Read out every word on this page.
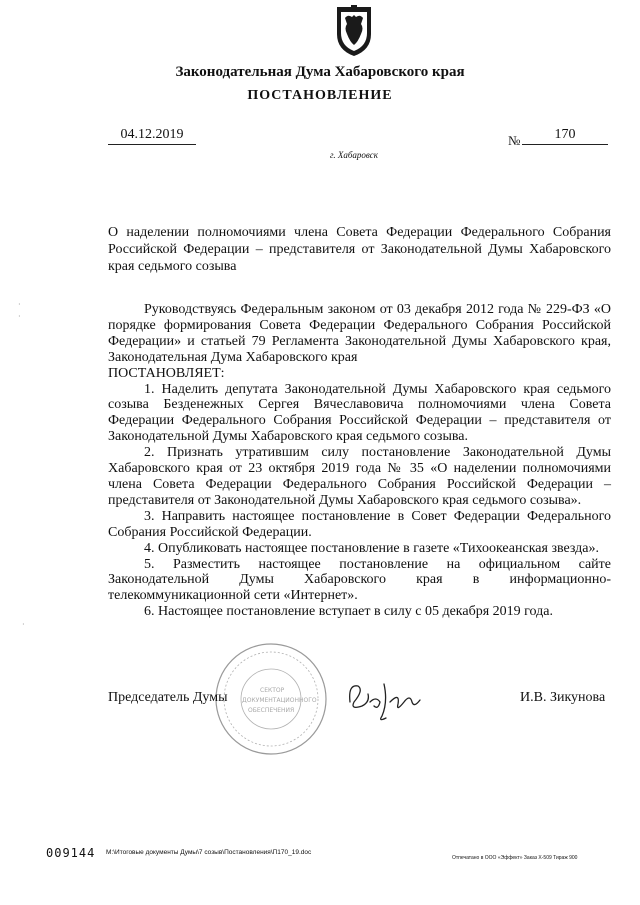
Законодательная Дума Хабаровского края
ПОСТАНОВЛЕНИЕ
04.12.2019	№	170
г. Хабаровск
О наделении полномочиями члена Совета Федерации Федерального Собрания Российской Федерации – представителя от Законодательной Думы Хабаровского края седьмого созыва

Руководствуясь Федеральным законом от 03 декабря 2012 года № 229-ФЗ «О порядке формирования Совета Федерации Федерального Собрания Российской Федерации» и статьей 79 Регламента Законодательной Думы Хабаровского края, Законодательная Дума Хабаровского края

ПОСТАНОВЛЯЕТ:

1. Наделить депутата Законодательной Думы Хабаровского края седьмого созыва Безденежных Сергея Вячеславовича полномочиями члена Совета Федерации Федерального Собрания Российской Федерации – представителя от Законодательной Думы Хабаровского края седьмого созыва.

2. Признать утратившим силу постановление Законодательной Думы Хабаровского края от 23 октября 2019 года № 35 «О наделении полномочиями члена Совета Федерации Федерального Собрания Российской Федерации – представителя от Законодательной Думы Хабаровского края седьмого созыва».

3. Направить настоящее постановление в Совет Федерации Федерального Собрания Российской Федерации.

4. Опубликовать настоящее постановление в газете «Тихоокеанская звезда».

5. Разместить настоящее постановление на официальном сайте Законодательной Думы Хабаровского края в информационно-телекоммуникационной сети «Интернет».

6. Настоящее постановление вступает в силу с 05 декабря 2019 года.

СЕКТОР
ДОКУМЕНТАЦИОННОГО
ОБЕСПЕЧЕНИЯ
Председатель Думы	И.В. Зикунова
009144 M:\Итоговые документы Думы\7 созыв\Постановления\П170_19.doc
Отпечатано в ООО «Эффект» Заказ Х-509 Тираж 900
·
·
·
